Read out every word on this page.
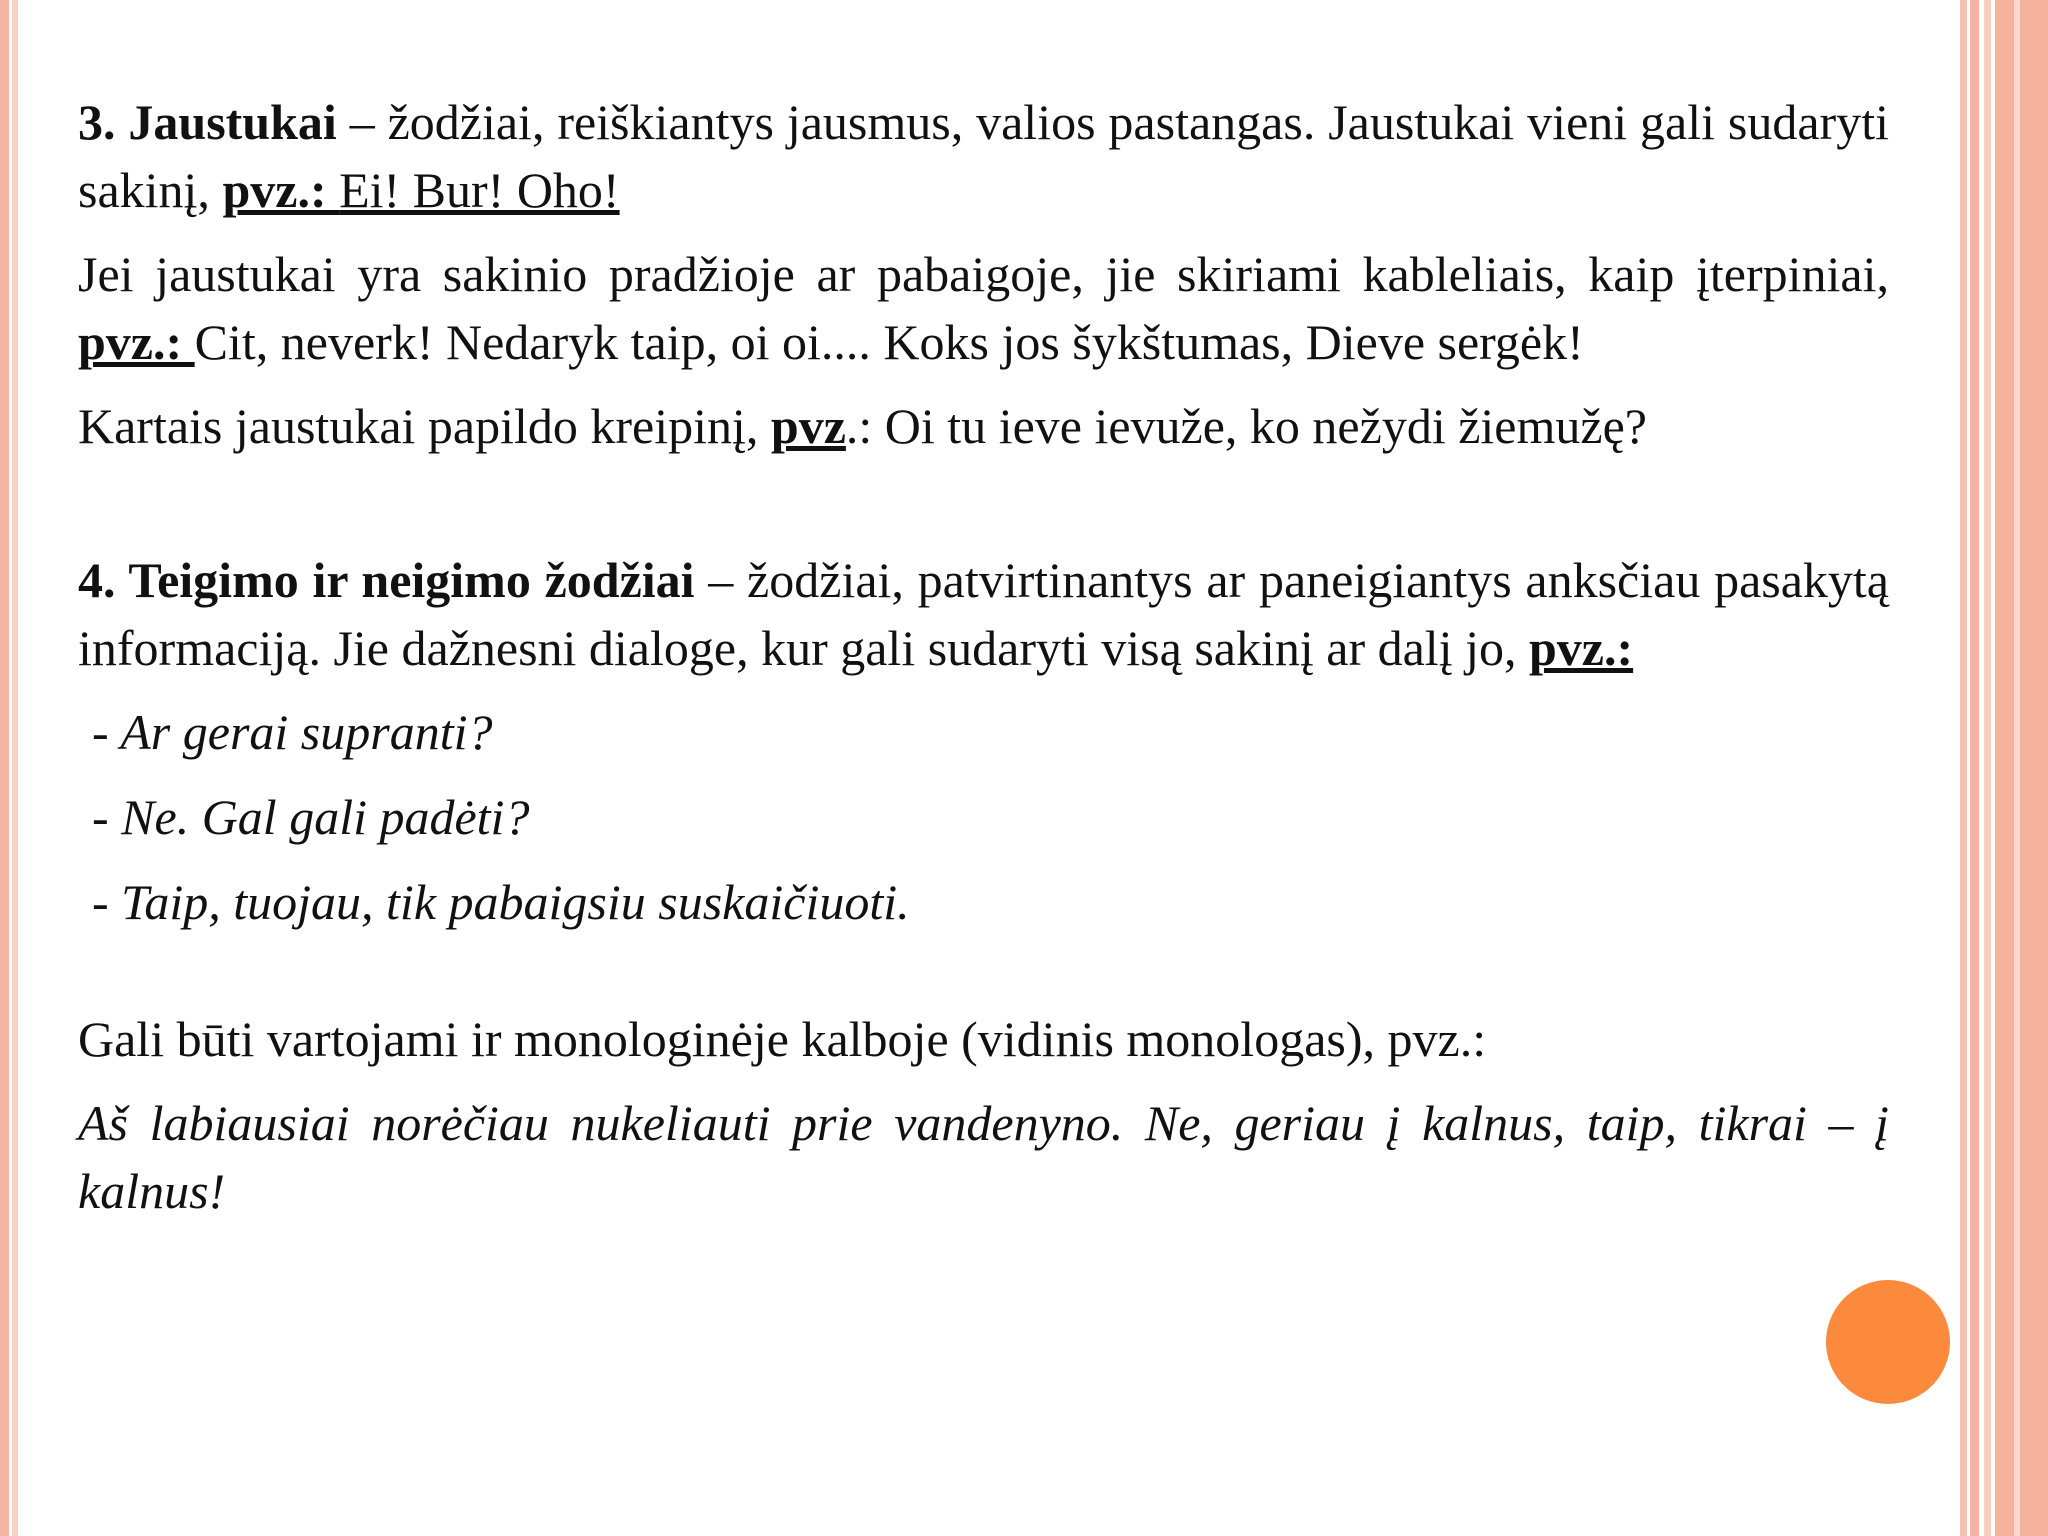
3. Jaustukai – žodžiai, reiškiantys jausmus, valios pastangas. Jaustukai vieni gali sudaryti sakinį, pvz.: Ei! Bur! Oho!

Jei jaustukai yra sakinio pradžioje ar pabaigoje, jie skiriami kableliais, kaip įterpiniai, pvz.: Cit, neverk! Nedaryk taip, oi oi.... Koks jos šykštumas, Dieve sergėk!

Kartais jaustukai papildo kreipinį, pvz.: Oi tu ieve ievuže, ko nežydi žiemužę?

4. Teigimo ir neigimo žodžiai – žodžiai, patvirtinantys ar paneigiantys anksčiau pasakytą informaciją. Jie dažnesni dialoge, kur gali sudaryti visą sakinį ar dalį jo, pvz.:

- Ar gerai supranti?

- Ne. Gal gali padėti?

- Taip, tuojau, tik pabaigsiu suskaičiuoti.

Gali būti vartojami ir monologinėje kalboje (vidinis monologas), pvz.:

Aš labiausiai norėčiau nukeliauti prie vandenyno. Ne, geriau į kalnus, taip, tikrai – į kalnus!
